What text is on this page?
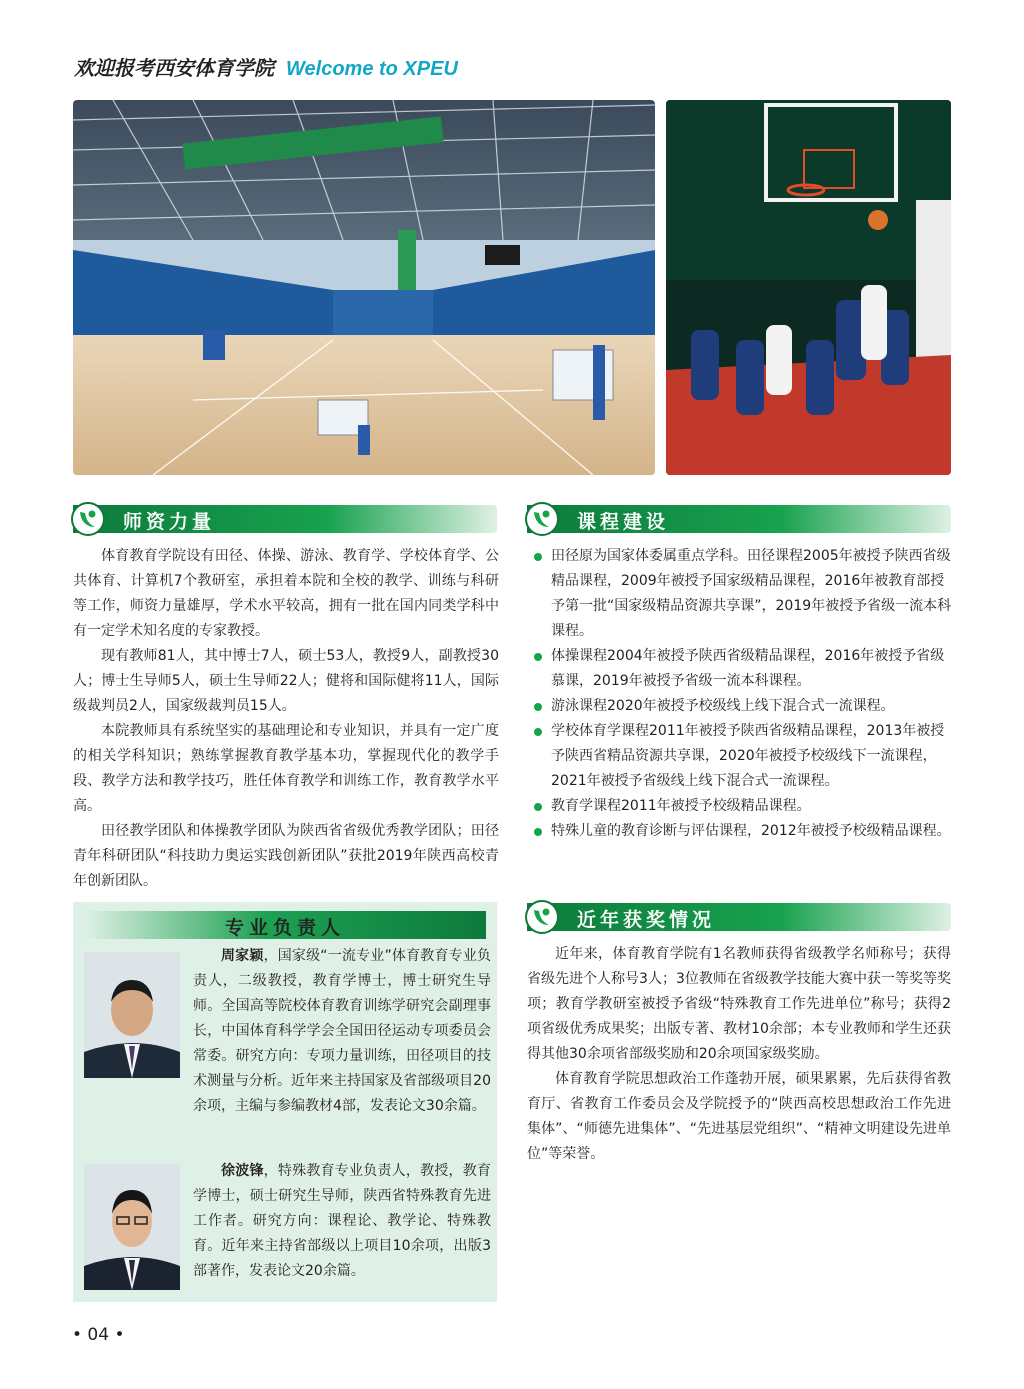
欢迎报考西安体育学院 Welcome to XPEU
师资力量

体育教育学院设有田径、体操、游泳、教育学、学校体育学、公共体育、计算机7个教研室，承担着本院和全校的教学、训练与科研等工作，师资力量雄厚，学术水平较高，拥有一批在国内同类学科中有一定学术知名度的专家教授。

现有教师81人，其中博士7人，硕士53人，教授9人，副教授30人；博士生导师5人，硕士生导师22人；健将和国际健将11人，国际级裁判员2人，国家级裁判员15人。

本院教师具有系统坚实的基础理论和专业知识，并具有一定广度的相关学科知识；熟练掌握教育教学基本功，掌握现代化的教学手段、教学方法和教学技巧，胜任体育教学和训练工作，教育教学水平高。

田径教学团队和体操教学团队为陕西省省级优秀教学团队；田径青年科研团队“科技助力奥运实践创新团队”获批2019年陕西高校青年创新团队。

课程建设
田径原为国家体委属重点学科。田径课程2005年被授予陕西省级精品课程，2009年被授予国家级精品课程，2016年被教育部授予第一批“国家级精品资源共享课”，2019年被授予省级一流本科课程。
体操课程2004年被授予陕西省级精品课程，2016年被授予省级慕课，2019年被授予省级一流本科课程。
游泳课程2020年被授予校级线上线下混合式一流课程。
学校体育学课程2011年被授予陕西省级精品课程，2013年被授予陕西省精品资源共享课，2020年被授予校级线下一流课程，2021年被授予省级线上线下混合式一流课程。
教育学课程2011年被授予校级精品课程。
特殊儿童的教育诊断与评估课程，2012年被授予校级精品课程。
近年获奖情况

近年来，体育教育学院有1名教师获得省级教学名师称号；获得省级先进个人称号3人；3位教师在省级教学技能大赛中获一等奖等奖项；教育学教研室被授予省级“特殊教育工作先进单位”称号；获得2项省级优秀成果奖；出版专著、教材10余部；本专业教师和学生还获得其他30余项省部级奖励和20余项国家级奖励。

体育教育学院思想政治工作蓬勃开展，硕果累累，先后获得省教育厅、省教育工作委员会及学院授予的“陕西高校思想政治工作先进集体”、“师德先进集体”、“先进基层党组织”、“精神文明建设先进单位”等荣誉。

专业负责人

周家颖，国家级“一流专业”体育教育专业负责人，二级教授，教育学博士，博士研究生导师。全国高等院校体育教育训练学研究会副理事长，中国体育科学学会全国田径运动专项委员会常委。研究方向：专项力量训练，田径项目的技术测量与分析。近年来主持国家及省部级项目20余项，主编与参编教材4部，发表论文30余篇。

徐波锋，特殊教育专业负责人，教授，教育学博士，硕士研究生导师，陕西省特殊教育先进工作者。研究方向：课程论、教学论、特殊教育。近年来主持省部级以上项目10余项，出版3部著作，发表论文20余篇。

• 04 •
